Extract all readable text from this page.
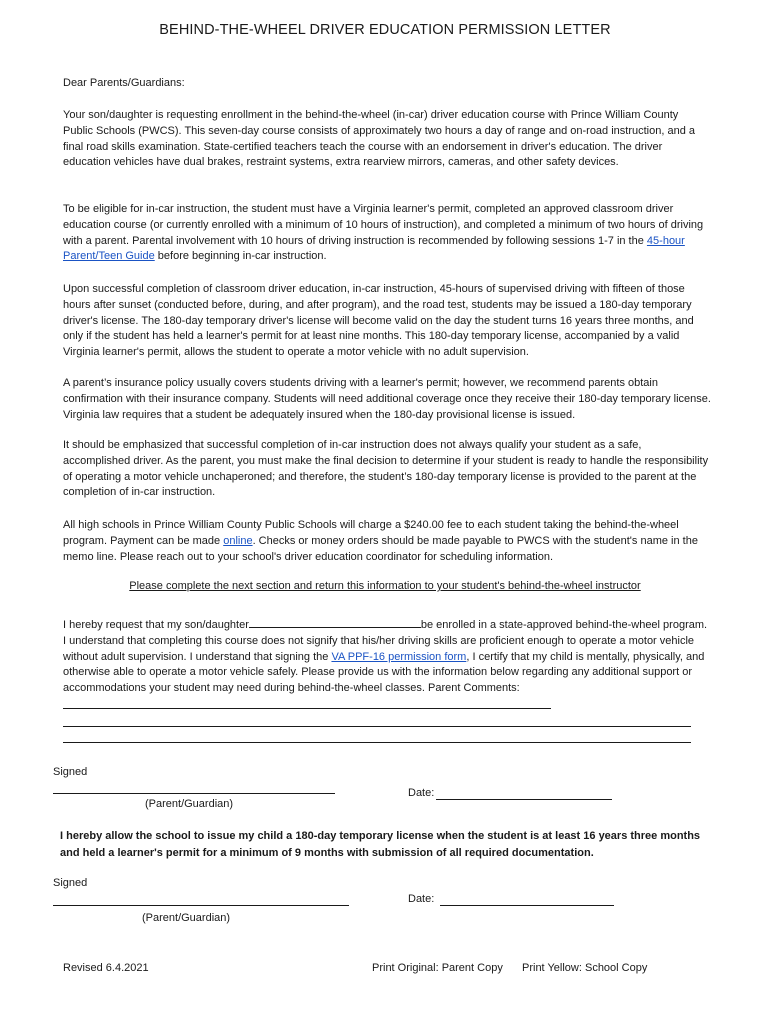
BEHIND-THE-WHEEL DRIVER EDUCATION PERMISSION LETTER

Dear Parents/Guardians:

Your son/daughter is requesting enrollment in the behind-the-wheel (in-car) driver education course with Prince William County Public Schools (PWCS). This seven-day course consists of approximately two hours a day of range and on-road instruction, and a final road skills examination. State-certified teachers teach the course with an endorsement in driver's education. The driver education vehicles have dual brakes, restraint systems, extra rearview mirrors, cameras, and other safety devices.

To be eligible for in-car instruction, the student must have a Virginia learner's permit, completed an approved classroom driver education course (or currently enrolled with a minimum of 10 hours of instruction), and completed a minimum of two hours of driving with a parent. Parental involvement with 10 hours of driving instruction is recommended by following sessions 1-7 in the 45-hour Parent/Teen Guide before beginning in-car instruction.

Upon successful completion of classroom driver education, in-car instruction, 45-hours of supervised driving with fifteen of those hours after sunset (conducted before, during, and after program), and the road test, students may be issued a 180-day temporary driver's license. The 180-day temporary driver's license will become valid on the day the student turns 16 years three months, and only if the student has held a learner's permit for at least nine months. This 180-day temporary license, accompanied by a valid Virginia learner's permit, allows the student to operate a motor vehicle with no adult supervision.

A parent’s insurance policy usually covers students driving with a learner's permit; however, we recommend parents obtain confirmation with their insurance company. Students will need additional coverage once they receive their 180-day temporary license. Virginia law requires that a student be adequately insured when the 180-day provisional license is issued.

It should be emphasized that successful completion of in-car instruction does not always qualify your student as a safe, accomplished driver. As the parent, you must make the final decision to determine if your student is ready to handle the responsibility of operating a motor vehicle unchaperoned; and therefore, the student’s 180-day temporary license is provided to the parent at the completion of in-car instruction.

All high schools in Prince William County Public Schools will charge a $240.00 fee to each student taking the behind-the-wheel program. Payment can be made online. Checks or money orders should be made payable to PWCS with the student's name in the memo line. Please reach out to your school's driver education coordinator for scheduling information.

Please complete the next section and return this information to your student's behind-the-wheel instructor

I hereby request that my son/daughter	be enrolled in a state-approved behind-the-wheel program. I understand that completing this course does not signify that his/her driving skills are proficient enough to operate a motor vehicle without adult supervision. I understand that signing the VA PPF-16 permission form, I certify that my child is mentally, physically, and otherwise able to operate a motor vehicle safely. Please provide us with the information below regarding any additional support or accommodations your student may need during behind-the-wheel classes. Parent Comments:

Signed
(Parent/Guardian)
Date:
I hereby allow the school to issue my child a 180-day temporary license when the student is at least 16 years three months and held a learner's permit for a minimum of 9 months with submission of all required documentation.
Signed
(Parent/Guardian)
Date:
Revised 6.4.2021	Print Original: Parent Copy Print Yellow: School Copy
